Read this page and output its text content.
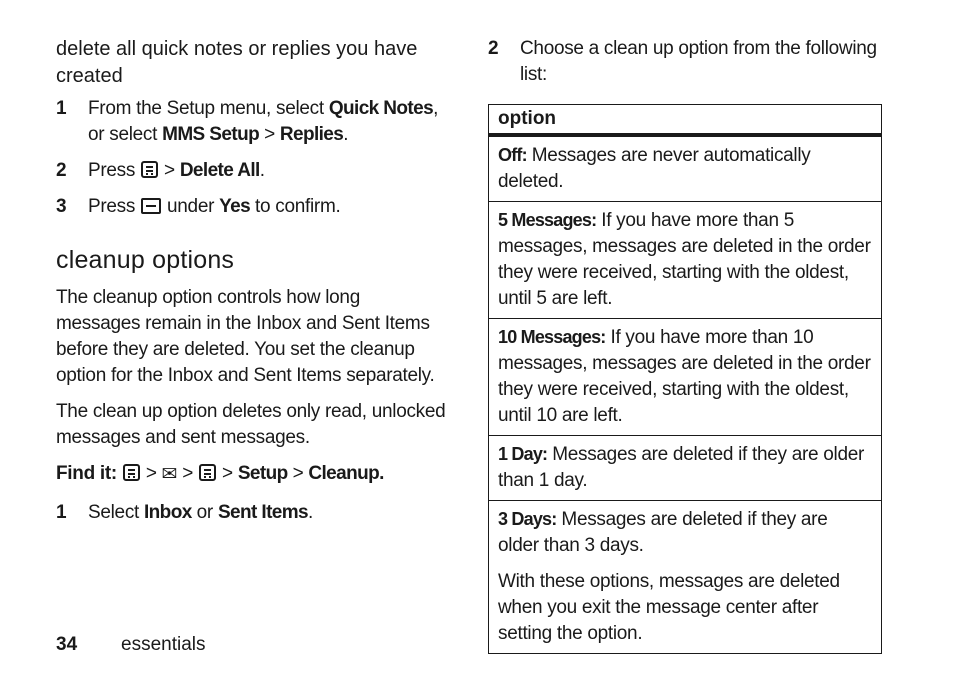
delete all quick notes or replies you have created

1	From the Setup menu, select Quick Notes, or select MMS Setup > Replies.
2	Press  > Delete All.
3	Press  under Yes to confirm.
cleanup options

The cleanup option controls how long messages remain in the Inbox and Sent Items before they are deleted. You set the cleanup option for the Inbox and Sent Items separately.

The clean up option deletes only read, unlocked messages and sent messages.

Find it: > ✉ > > Setup > Cleanup.

1	Select Inbox or Sent Items.
2	Choose a clean up option from the following list:
option
Off: Messages are never automatically deleted.
5 Messages: If you have more than 5 messages, messages are deleted in the order they were received, starting with the oldest, until 5 are left.
10 Messages: If you have more than 10 messages, messages are deleted in the order they were received, starting with the oldest, until 10 are left.
1 Day: Messages are deleted if they are older than 1 day.
3 Days: Messages are deleted if they are older than 3 days.

With these options, messages are deleted when you exit the message center after setting the option.

34 essentials
